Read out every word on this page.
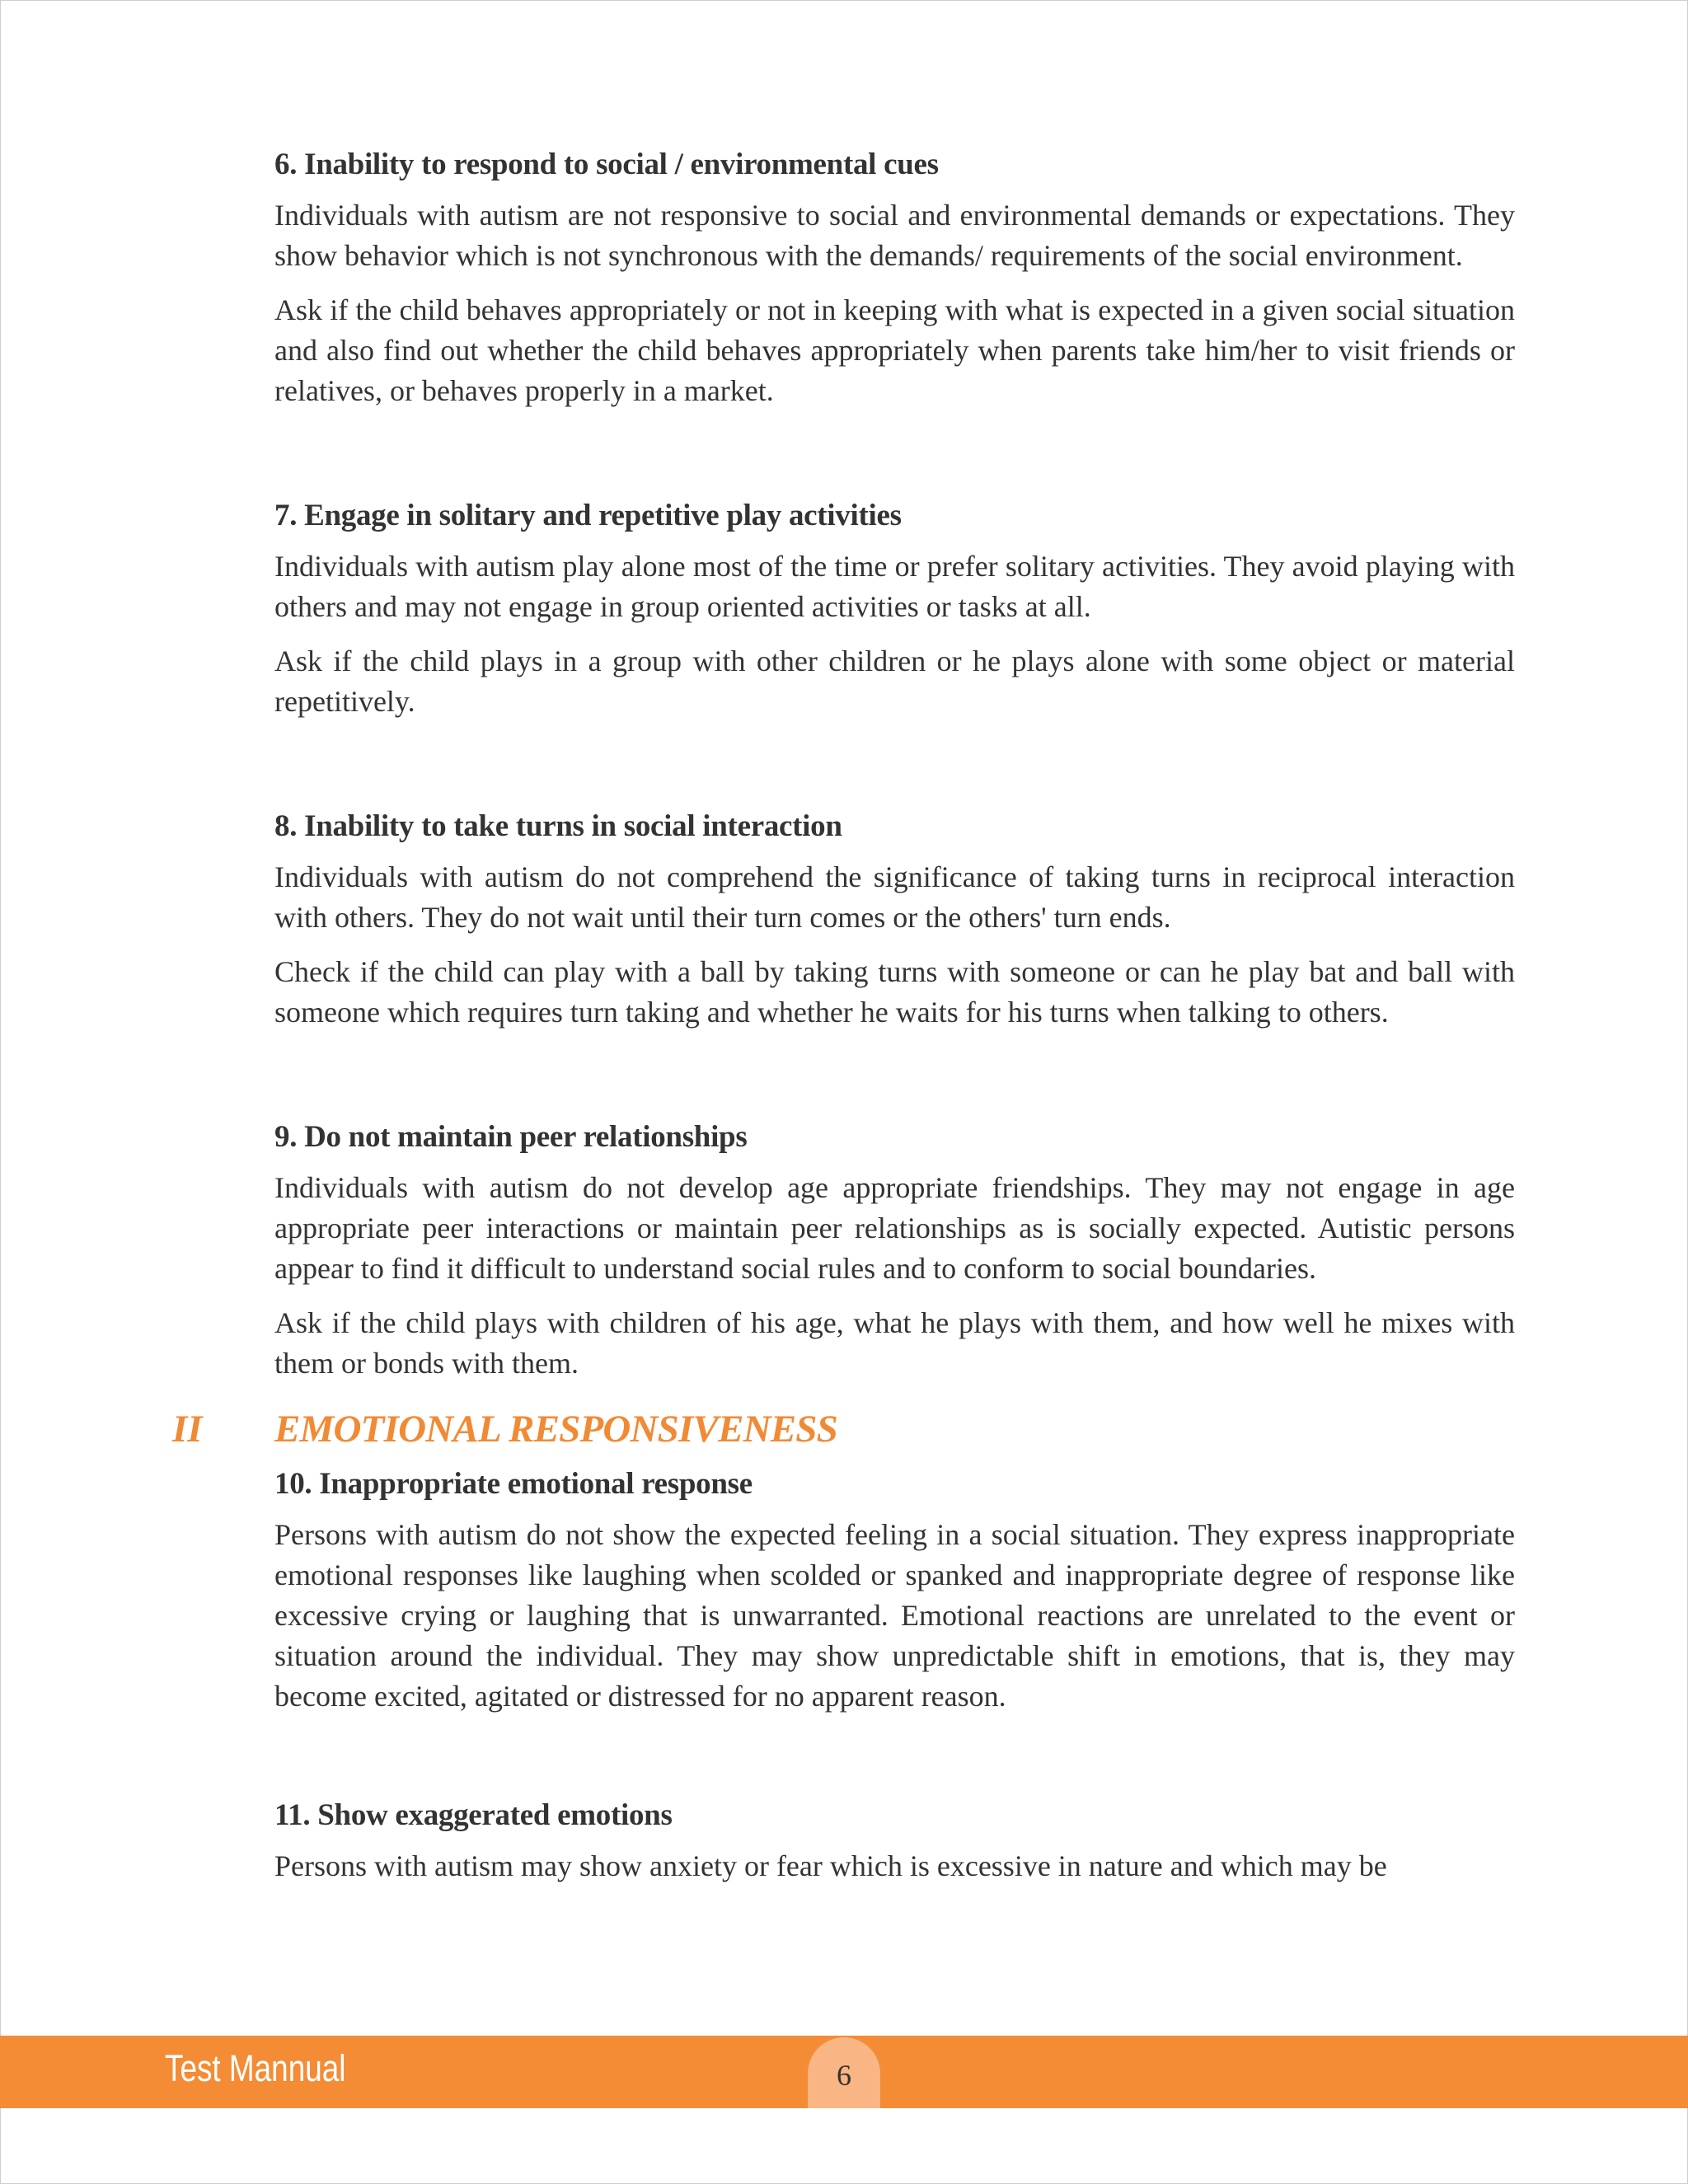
6. Inability to respond to social / environmental cues

Individuals with autism are not responsive to social and environmental demands or expectations. They show behavior which is not synchronous with the demands/ requirements of the social environment.

Ask if the child behaves appropriately or not in keeping with what is expected in a given social situation and also find out whether the child behaves appropriately when parents take him/her to visit friends or relatives, or behaves properly in a market.

7. Engage in solitary and repetitive play activities

Individuals with autism play alone most of the time or prefer solitary activities. They avoid playing with others and may not engage in group oriented activities or tasks at all.

Ask if the child plays in a group with other children or he plays alone with some object or material repetitively.

8. Inability to take turns in social interaction

Individuals with autism do not comprehend the significance of taking turns in reciprocal interaction with others. They do not wait until their turn comes or the others' turn ends.

Check if the child can play with a ball by taking turns with someone or can he play bat and ball with someone which requires turn taking and whether he waits for his turns when talking to others.

9. Do not maintain peer relationships

Individuals with autism do not develop age appropriate friendships. They may not engage in age appropriate peer interactions or maintain peer relationships as is socially expected. Autistic persons appear to find it difficult to understand social rules and to conform to social boundaries.

Ask if the child plays with children of his age, what he plays with them, and how well he mixes with them or bonds with them.

II EMOTIONAL RESPONSIVENESS
10. Inappropriate emotional response

Persons with autism do not show the expected feeling in a social situation. They express inappropriate emotional responses like laughing when scolded or spanked and inappropriate degree of response like excessive crying or laughing that is unwarranted. Emotional reactions are unrelated to the event or situation around the individual. They may show unpredictable shift in emotions, that is, they may become excited, agitated or distressed for no apparent reason.

11. Show exaggerated emotions

Persons with autism may show anxiety or fear which is excessive in nature and which may be

Test Mannual	6
